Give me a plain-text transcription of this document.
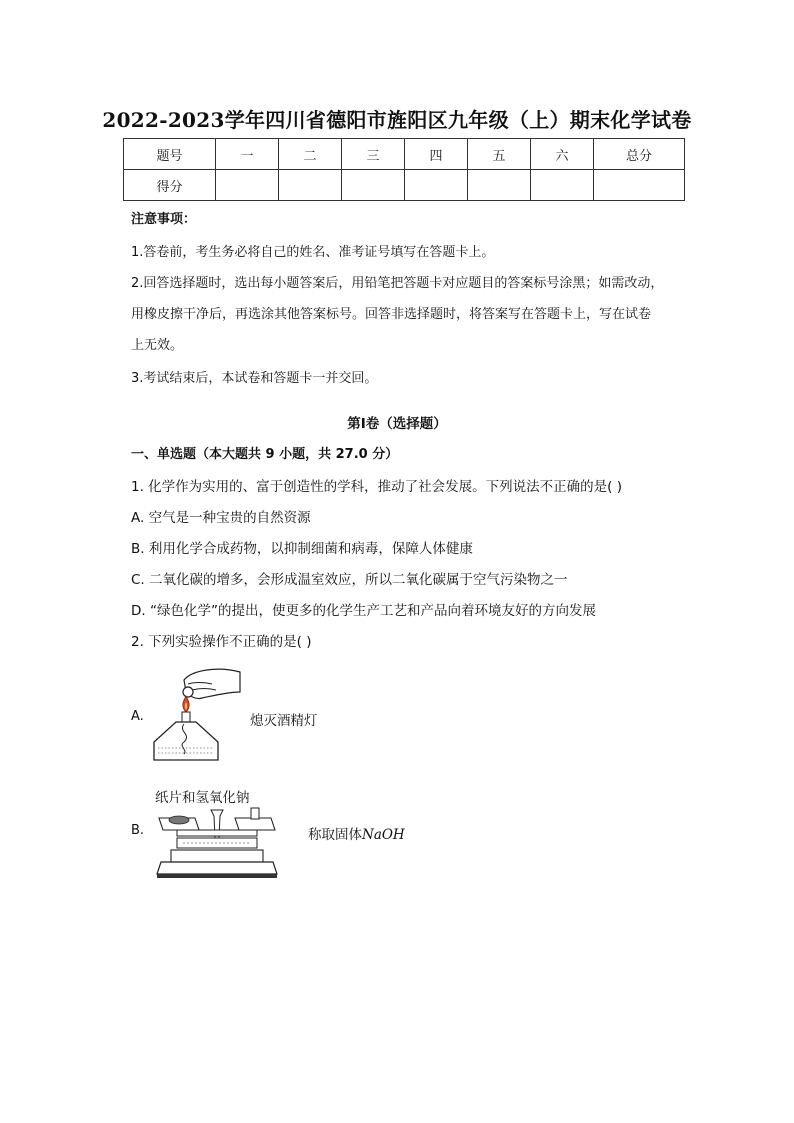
2022-2023学年四川省德阳市旌阳区九年级（上）期末化学试卷
题号	一	二	三	四	五	六	总分
得分							
注意事项：
1.答卷前，考生务必将自己的姓名、准考证号填写在答题卡上。
2.回答选择题时，选出每小题答案后，用铅笔把答题卡对应题目的答案标号涂黑；如需改动，
用橡皮擦干净后，再选涂其他答案标号。回答非选择题时，将答案写在答题卡上，写在试卷
上无效。
3.考试结束后，本试卷和答题卡一并交回。
第I卷（选择题）
一、单选题（本大题共 9 小题，共 27.0 分）
1. 化学作为实用的、富于创造性的学科，推动了社会发展。下列说法不正确的是( )
A. 空气是一种宝贵的自然资源
B. 利用化学合成药物，以抑制细菌和病毒，保障人体健康
C. 二氧化碳的增多，会形成温室效应，所以二氧化碳属于空气污染物之一
D. “绿色化学”的提出，使更多的化学生产工艺和产品向着环境友好的方向发展
2. 下列实验操作不正确的是( )
A.	熄灭酒精灯
纸片和氢氧化钠
B.	称取固体NaOH
